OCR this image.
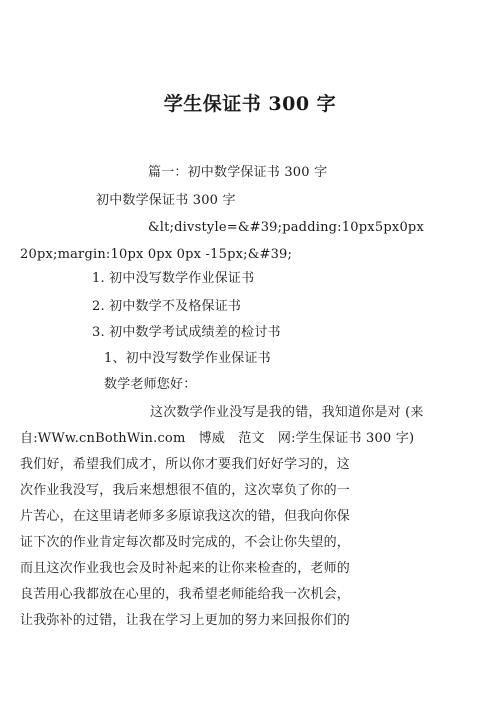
学生保证书 300 字
篇一：初中数学保证书 300 字
初中数学保证书 300 字
&lt;div style=&#39;padding:10px 5px 0px
20px;margin:10px 0px 0px -15px;&#39;
1. 初中没写数学作业保证书
2. 初中数学不及格保证书
3. 初中数学考试成绩差的检讨书
1、初中没写数学作业保证书
数学老师您好：
这次数学作业没写是我的错，我知道你是对 (来
自:WWw.cnBothWin.com　博威　范文　网:学生保证书 300 字)
我们好，希望我们成才，所以你才要我们好好学习的，这
次作业我没写，我后来想想很不值的，这次辜负了你的一
片苦心，在这里请老师多多原谅我这次的错，但我向你保
证下次的作业肯定每次都及时完成的，不会让你失望的，
而且这次作业我也会及时补起来的让你来检查的，老师的
良苦用心我都放在心里的，我希望老师能给我一次机会，
让我弥补的过错，让我在学习上更加的努力来回报你们的
